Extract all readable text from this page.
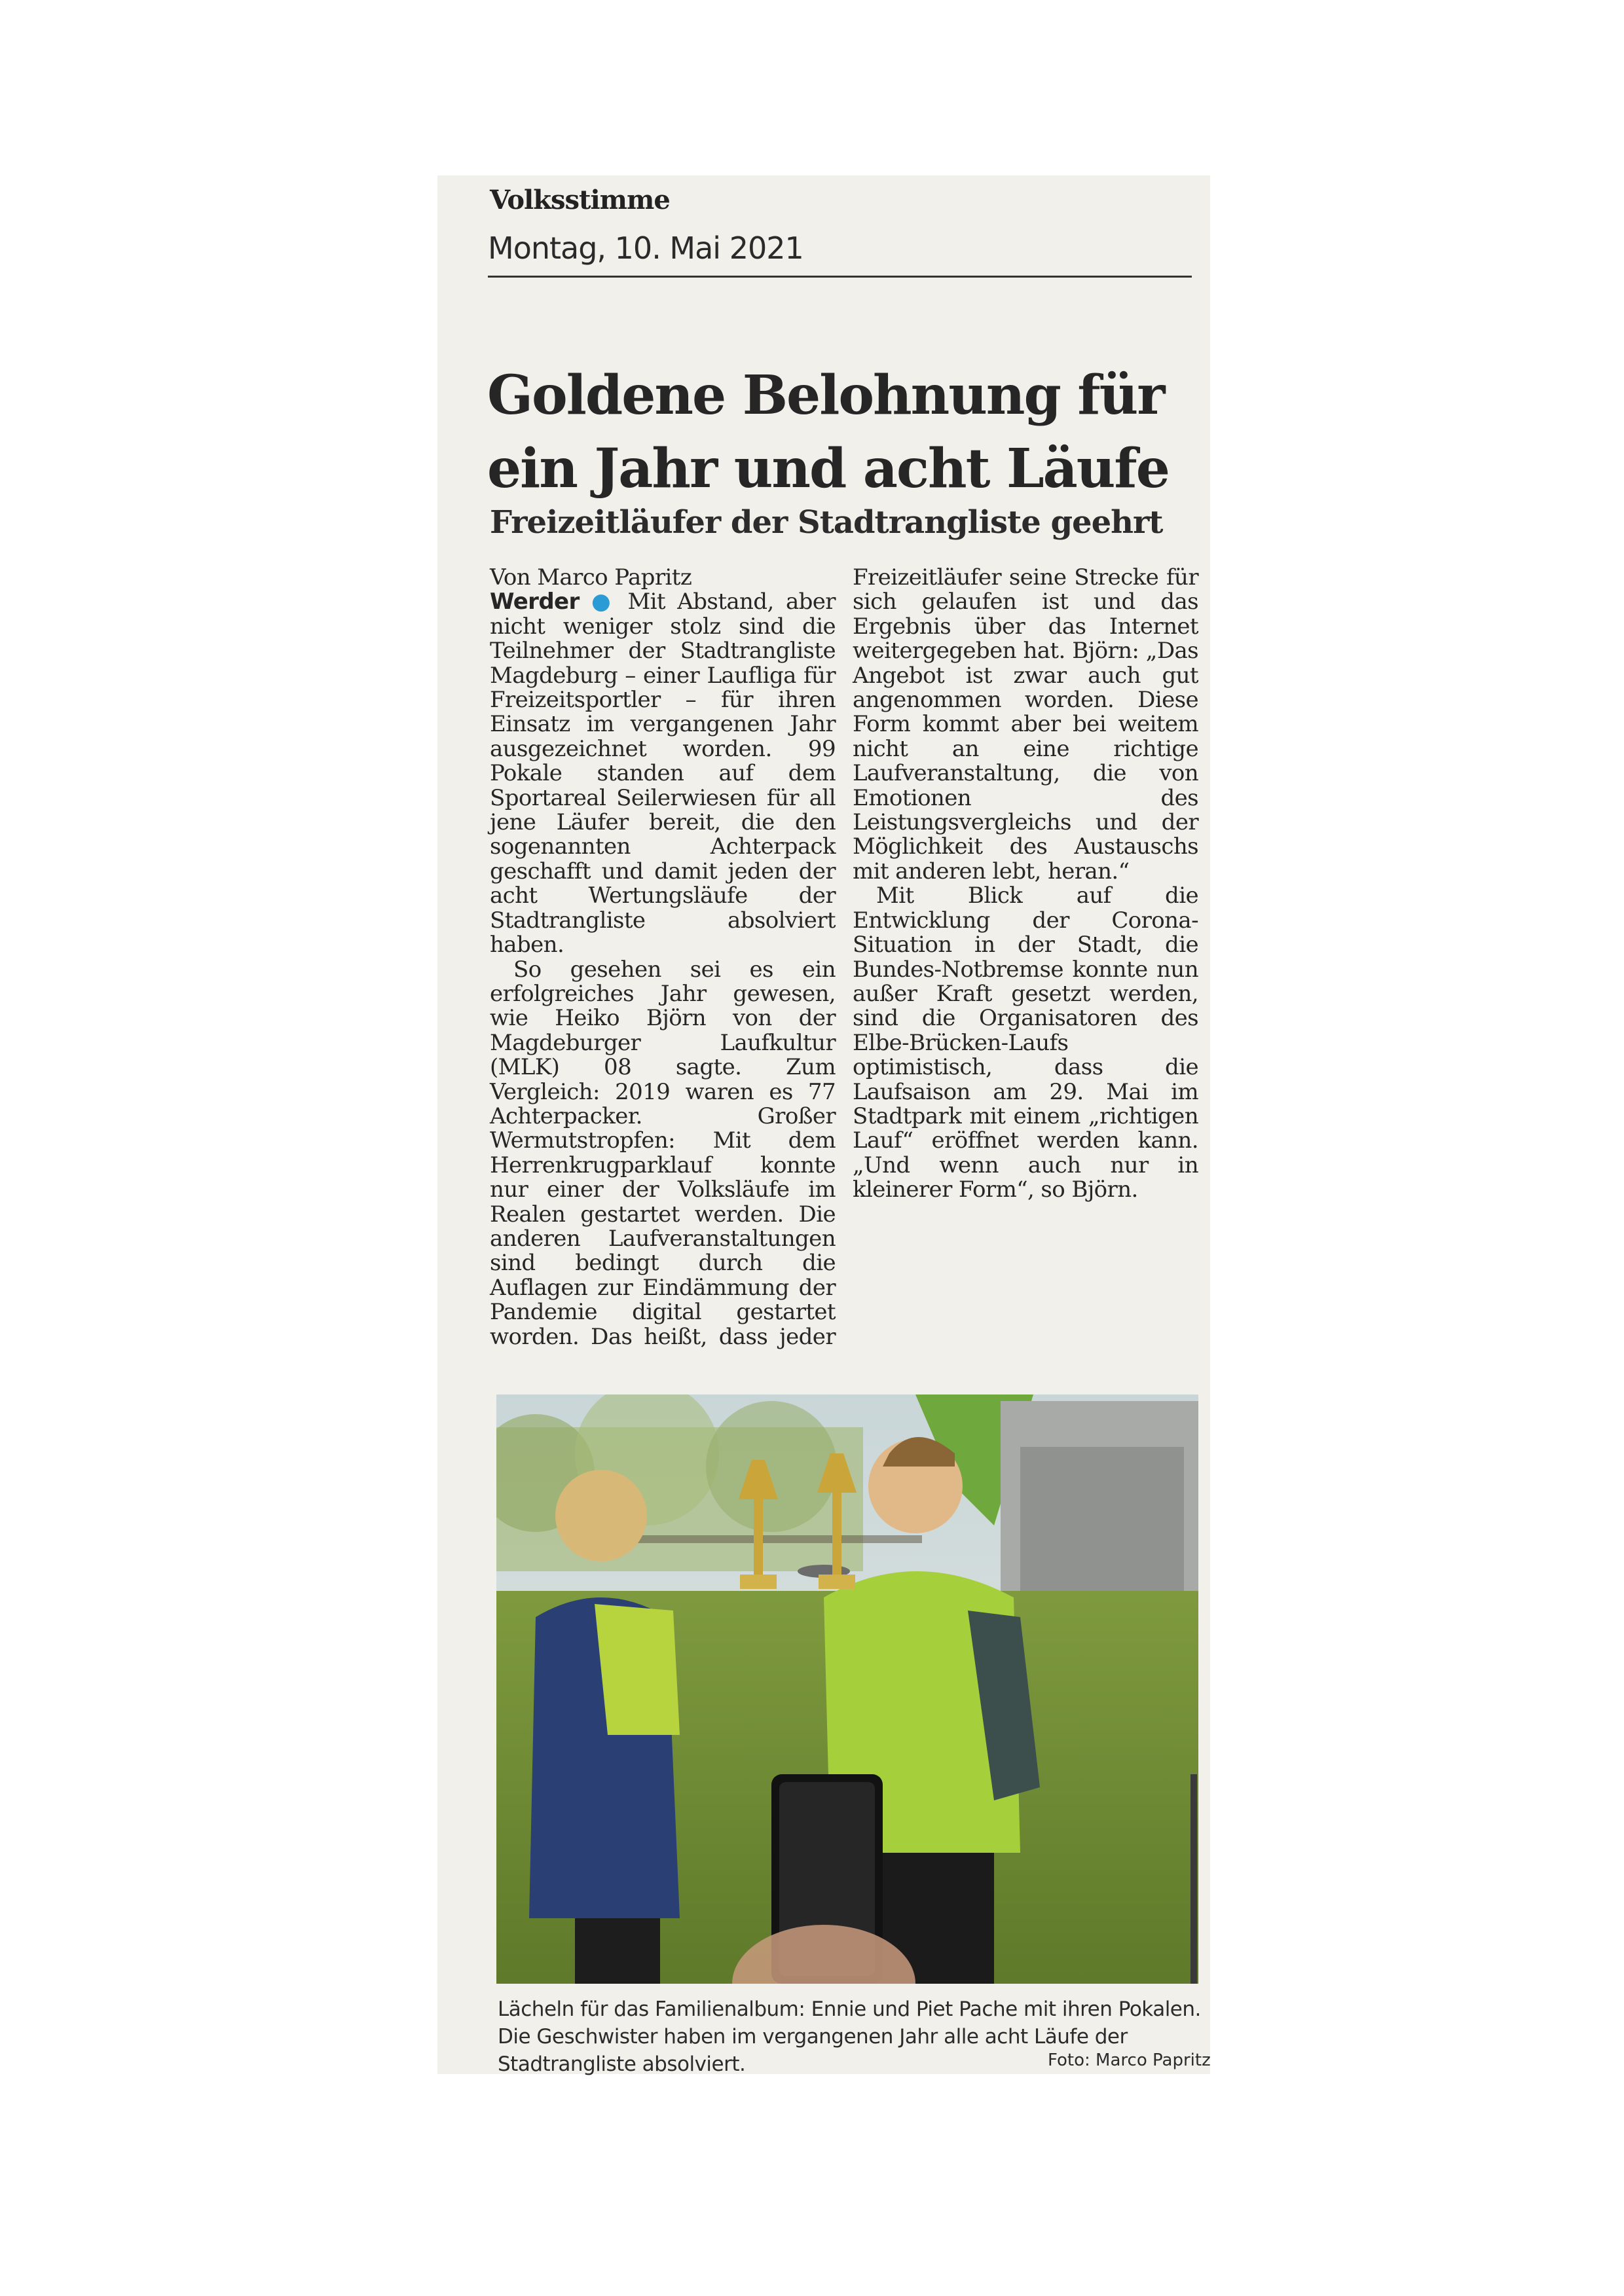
Volksstimme
Montag, 10. Mai 2021
Goldene Belohnung für
ein Jahr und acht Läufe
Freizeitläufer der Stadtrangliste geehrt
Von Marco Papritz

Werder ● Mit Abstand, aber nicht weniger stolz sind die Teilnehmer der Stadtrangliste Magdeburg – einer Laufliga für Freizeitsportler – für ihren Einsatz im vergangenen Jahr ausgezeichnet worden. 99 Pokale standen auf dem Sportareal Seilerwiesen für all jene Läufer bereit, die den sogenannten Achterpack geschafft und damit jeden der acht Wertungsläufe der Stadtrangliste absolviert haben.

So gesehen sei es ein erfolgreiches Jahr gewesen, wie Heiko Björn von der Magdeburger Laufkultur (MLK) 08 sagte. Zum Vergleich: 2019 waren es 77 Achterpacker. Großer Wermutstropfen: Mit dem Herrenkrugparklauf konnte nur einer der Volksläufe im Realen gestartet werden. Die anderen Laufveranstaltungen sind bedingt durch die Auflagen zur Eindämmung der Pandemie digital gestartet worden. Das heißt, dass jeder Freizeitläufer seine Strecke für sich gelaufen ist und das Ergebnis über das Internet weitergegeben hat. Björn: „Das Angebot ist zwar auch gut angenommen worden. Diese Form kommt aber bei weitem nicht an eine richtige Laufveranstaltung, die von Emotionen des Leistungsvergleichs und der Möglichkeit des Austauschs mit anderen lebt, heran.“

Mit Blick auf die Entwicklung der Corona-Situation in der Stadt, die Bundes-Notbremse konnte nun außer Kraft gesetzt werden, sind die Organisatoren des Elbe-Brücken-Laufs optimistisch, dass die Laufsaison am 29. Mai im Stadtpark mit einem „richtigen Lauf“ eröffnet werden kann. „Und wenn auch nur in kleinerer Form“, so Björn.

Lächeln für das Familienalbum: Ennie und Piet Pache mit ihren Pokalen. Die Geschwister haben im vergangenen Jahr alle acht Läufe der Stadtrangliste absolviert.	Foto: Marco Papritz
